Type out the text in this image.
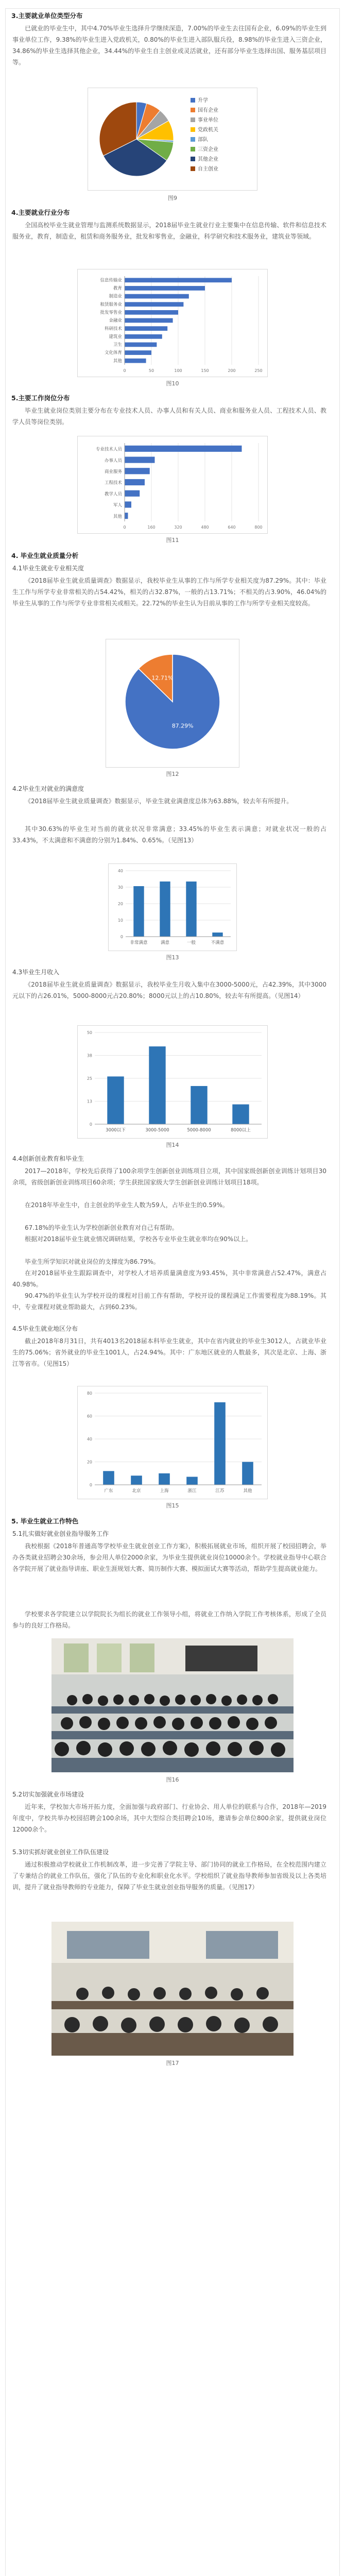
3.主要就业单位类型分布
已就业的毕业生中，其中4.70%毕业生选择升学继续深造，7.00%的毕业生去往国有企业，6.09%的毕业生到事业单位工作，9.38%的毕业生进入党政机关，0.80%的毕业生进入部队服兵役，8.98%的毕业生进入三资企业，34.86%的毕业生选择其他企业，34.44%的毕业生自主创业或灵活就业，还有部分毕业生选择出国、服务基层项目等。
升学
国有企业
事业单位
党政机关
部队
三资企业
其他企业
自主创业
图9
4.主要就业行业分布
全国高校毕业生就业管理与监测系统数据显示，2018届毕业生就业行业主要集中在信息传输、软件和信息技术服务业，教育，制造业，租赁和商务服务业，批发和零售业，金融业，科学研究和技术服务业，建筑业等领域。
0	50	100	150	200	250
信息传输业
教育
制造业
租赁服务业
批发零售业
金融业
科研技术
建筑业
卫生
文化体育
其他
图10
5.主要工作岗位分布
毕业生就业岗位类别主要分布在专业技术人员、办事人员和有关人员、商业和服务业人员、工程技术人员、教学人员等岗位类别。
0	160	320	480	640	800
专业技术人员
办事人员
商业服务
工程技术
教学人员
军人
其他
图11
4. 毕业生就业质量分析
4.1毕业生就业专业相关度
《2018届毕业生就业质量调查》数据显示，我校毕业生从事的工作与所学专业相关度为87.29%。其中：毕业生工作与所学专业非常相关的占54.42%，相关的占32.87%，一般的占13.71%；不相关的占3.90%，46.04%的毕业生从事的工作与所学专业非常相关或相关。22.72%的毕业生认为目前从事的工作与所学专业相关度较高。
87.29%
12.71%
图12
4.2毕业生对就业的满意度
《2018届毕业生就业质量调查》数据显示，毕业生就业满意度总体为63.88%，较去年有所提升。
其中30.63%的毕业生对当前的就业状况非常满意；33.45%的毕业生表示满意；对就业状况一般的占33.43%，不太满意和不满意的分别为1.84%、0.65%。（见图13）
0
10
20
30
40
非常满意	满意	一般	不满意
图13
4.3毕业生月收入
《2018届毕业生就业质量调查》数据显示，我校毕业生月收入集中在3000-5000元，占42.39%，其中3000元以下的占26.01%，5000-8000元占20.80%；8000元以上的占10.80%，较去年有所提高。（见图14）
0
13
25
38
50
3000以下	3000-5000	5000-8000	8000以上
图14
4.4创新创业教育和毕业生
2017—2018年，学校先后获得了100余项学生创新创业训练项目立项，其中国家级创新创业训练计划项目30余项，省级创新创业训练项目60余项；学生获批国家级大学生创新创业训练计划项目18项。
在2018年毕业生中，自主创业的毕业生人数为59人，占毕业生的0.59%。
67.18%的毕业生认为学校创新创业教育对自己有帮助。
根据对2018届毕业生就业情况调研结果，学校各专业毕业生就业率均在90%以上。
毕业生所学知识对就业岗位的支撑度为86.79%。
在对2018届毕业生跟踪调查中，对学校人才培养质量满意度为93.45%，其中非常满意占52.47%，满意占40.98%。
90.47%的毕业生认为学校开设的课程对目前工作有帮助，学校开设的课程满足工作需要程度为88.19%。其中，专业课程对就业帮助最大，占到60.23%。
4.5毕业生就业地区分布
截止2018年8月31日，共有4013名2018届本科毕业生就业，其中在省内就业的毕业生3012人，占就业毕业生的75.06%；省外就业的毕业生1001人，占24.94%。其中：广东地区就业的人数最多，其次是北京、上海、浙江等省市。（见图15）
0
20
40
60
80
广东	北京	上海	浙江	江苏	其他
图15
5. 毕业生就业工作特色
5.1扎实做好就业创业指导服务工作
我校根据《2018年普通高等学校毕业生就业创业工作方案》，积极拓展就业市场，组织开展了校园招聘会，举办各类就业招聘会30余场，参会用人单位2000余家，为毕业生提供就业岗位10000余个。学校就业指导中心联合各学院开展了就业指导讲座、职业生涯规划大赛、简历制作大赛、模拟面试大赛等活动，帮助学生提高就业能力。
学校要求各学院建立以学院院长为组长的就业工作领导小组，将就业工作纳入学院工作考核体系，形成了全员参与的良好工作格局。
图16
5.2切实加强就业市场建设
近年来，学校加大市场开拓力度，全面加强与政府部门、行业协会、用人单位的联系与合作，2018年—2019年度中，学校共举办校园招聘会100余场，其中大型综合类招聘会10场，邀请参会单位800余家，提供就业岗位12000余个。
5.3切实抓好就业创业工作队伍建设
通过积极推动学校就业工作机制改革，进一步完善了学院主导、部门协同的就业工作格局，在全校范围内建立了专兼结合的就业工作队伍，强化了队伍的专业化和职业化水平。学校组织了就业指导教师参加省级及以上各类培训，提升了就业指导教师的专业能力，保障了毕业生就业创业指导服务的质量。（见图17）
图17
